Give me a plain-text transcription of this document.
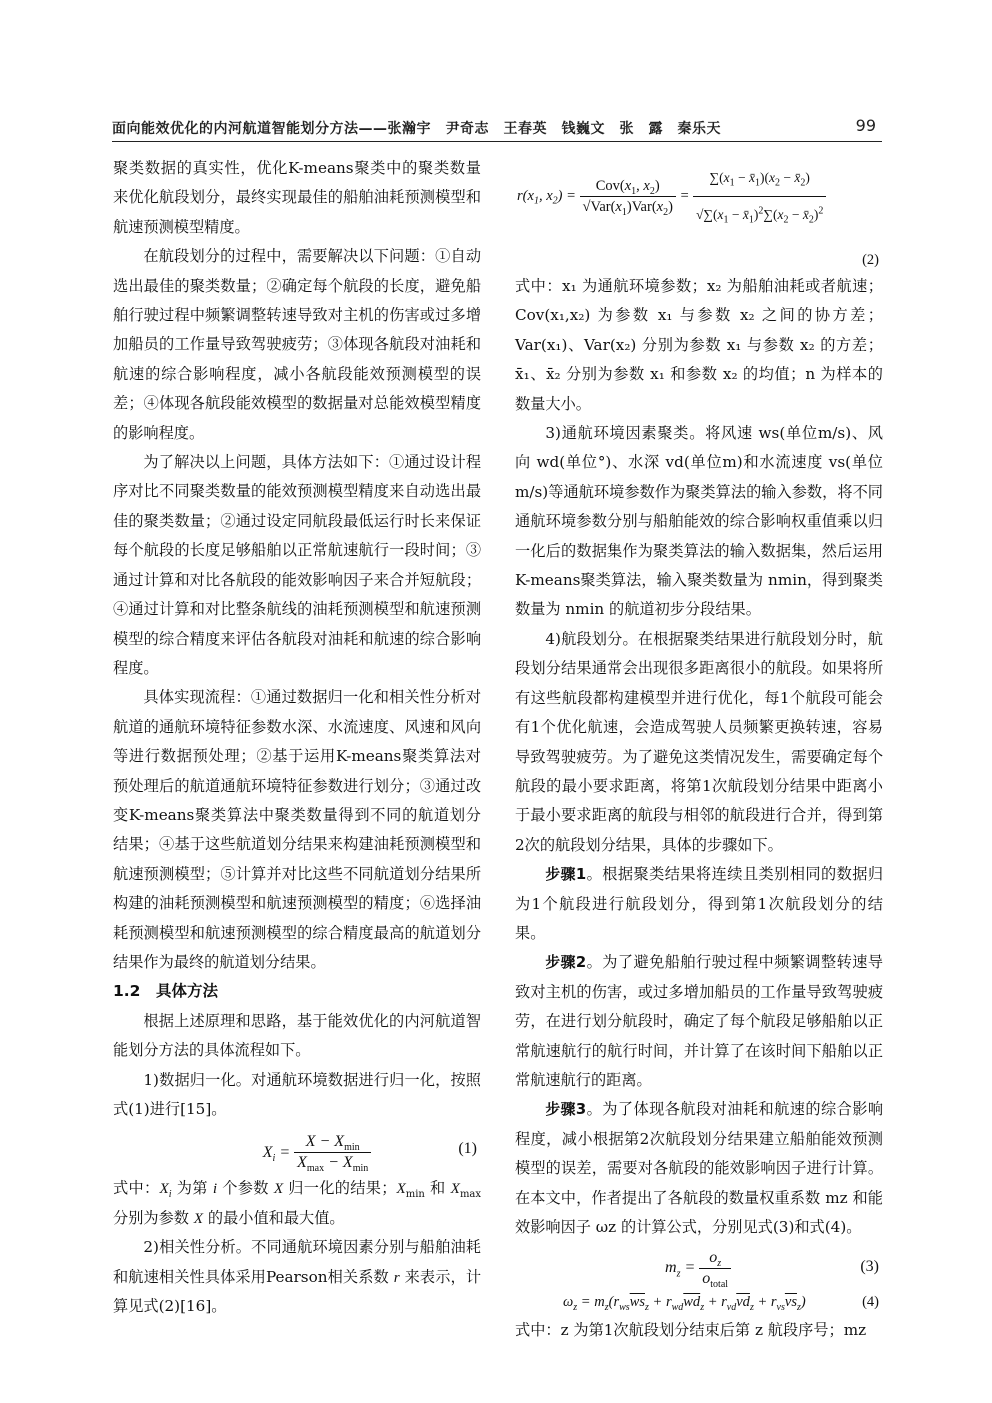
面向能效优化的内河航道智能划分方法——张瀚宇　尹奇志　王春英　钱巍文　张　露　秦乐天	99

聚类数据的真实性，优化K-means聚类中的聚类数量来优化航段划分，最终实现最佳的船舶油耗预测模型和航速预测模型精度。

在航段划分的过程中，需要解决以下问题：①自动选出最佳的聚类数量；②确定每个航段的长度，避免船舶行驶过程中频繁调整转速导致对主机的伤害或过多增加船员的工作量导致驾驶疲劳；③体现各航段对油耗和航速的综合影响程度，减小各航段能效预测模型的误差；④体现各航段能效模型的数据量对总能效模型精度的影响程度。

为了解决以上问题，具体方法如下：①通过设计程序对比不同聚类数量的能效预测模型精度来自动选出最佳的聚类数量；②通过设定同航段最低运行时长来保证每个航段的长度足够船舶以正常航速航行一段时间；③通过计算和对比各航段的能效影响因子来合并短航段；④通过计算和对比整条航线的油耗预测模型和航速预测模型的综合精度来评估各航段对油耗和航速的综合影响程度。

具体实现流程：①通过数据归一化和相关性分析对航道的通航环境特征参数水深、水流速度、风速和风向等进行数据预处理；②基于运用K-means聚类算法对预处理后的航道通航环境特征参数进行划分；③通过改变K-means聚类算法中聚类数量得到不同的航道划分结果；④基于这些航道划分结果来构建油耗预测模型和航速预测模型；⑤计算并对比这些不同航道划分结果所构建的油耗预测模型和航速预测模型的精度；⑥选择油耗预测模型和航速预测模型的综合精度最高的航道划分结果作为最终的航道划分结果。

1.2　具体方法

根据上述原理和思路，基于能效优化的内河航道智能划分方法的具体流程如下。

1)数据归一化。对通航环境数据进行归一化，按照式(1)进行[15]。

$X_i = \frac{X - X_{min}}{X_{max} - X_{min}}$	(1)

式中：$X_i$ 为第 i 个参数 X 归一化的结果；$X_{min}$ 和 $X_{max}$ 分别为参数 X 的最小值和最大值。

2)相关性分析。不同通航环境因素分别与船舶油耗和航速相关性具体采用Pearson相关系数 r 来表示，计算见式(2)[16]。

$r(x_1$, $x_2) = \frac{Cov(x_1, x_2)}{√Var(x_1)Var(x_2)} = \frac{\sum(x_1 - x̄_1)(x_2 - x̄_2)}{√\sum(x_1 - x̄_1)^2\sum(x_2 - x̄_2)^2}$
(2)

式中：x₁ 为通航环境参数；x₂ 为船舶油耗或者航速；Cov(x₁,x₂) 为参数 x₁ 与参数 x₂ 之间的协方差；Var(x₁)、Var(x₂) 分别为参数 x₁ 与参数 x₂ 的方差；x̄₁、x̄₂ 分别为参数 x₁ 和参数 x₂ 的均值；n 为样本的数量大小。

3)通航环境因素聚类。将风速 ws(单位m/s)、风向 wd(单位°)、水深 vd(单位m)和水流速度 vs(单位m/s)等通航环境参数作为聚类算法的输入参数，将不同通航环境参数分别与船舶能效的综合影响权重值乘以归一化后的数据集作为聚类算法的输入数据集，然后运用K-means聚类算法，输入聚类数量为 nmin，得到聚类数量为 nmin 的航道初步分段结果。

4)航段划分。在根据聚类结果进行航段划分时，航段划分结果通常会出现很多距离很小的航段。如果将所有这些航段都构建模型并进行优化，每1个航段可能会有1个优化航速，会造成驾驶人员频繁更换转速，容易导致驾驶疲劳。为了避免这类情况发生，需要确定每个航段的最小要求距离，将第1次航段划分结果中距离小于最小要求距离的航段与相邻的航段进行合并，得到第2次的航段划分结果，具体的步骤如下。

步骤1。根据聚类结果将连续且类别相同的数据归为1个航段进行航段划分，得到第1次航段划分的结果。

步骤2。为了避免船舶行驶过程中频繁调整转速导致对主机的伤害，或过多增加船员的工作量导致驾驶疲劳，在进行划分航段时，确定了每个航段足够船舶以正常航速航行的航行时间，并计算了在该时间下船舶以正常航速航行的距离。

步骤3。为了体现各航段对油耗和航速的综合影响程度，减小根据第2次航段划分结果建立船舶能效预测模型的误差，需要对各航段的能效影响因子进行计算。在本文中，作者提出了各航段的数量权重系数 mz 和能效影响因子 ωz 的计算公式，分别见式(3)和式(4)。

$m_z = \frac{o_z}{o_{total}}$	(3)
$\omega_z = m_z(r_{ws}\overline{ws}_z + r_{wd}\overline{wd}_z + r_{vd}\overline{vd}_z + r_{vs}\overline{vs}_z)$	(4)

式中：z 为第1次航段划分结束后第 z 航段序号；mz
